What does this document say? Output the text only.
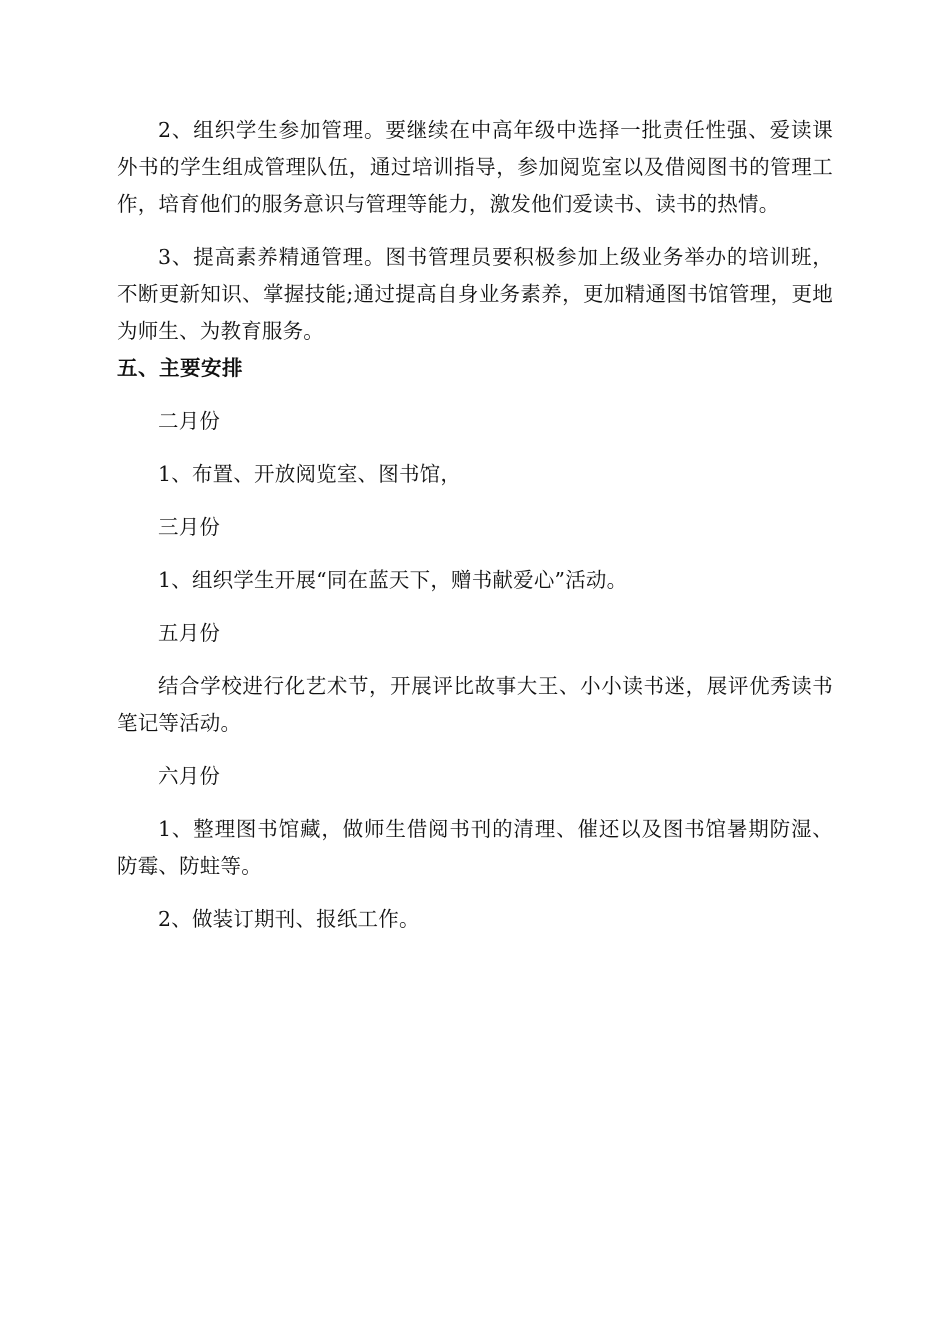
2、组织学生参加管理。要继续在中高年级中选择一批责任性强、爱读课外书的学生组成管理队伍，通过培训指导，参加阅览室以及借阅图书的管理工作，培育他们的服务意识与管理等能力，激发他们爱读书、读书的热情。

3、提高素养精通管理。图书管理员要积极参加上级业务举办的培训班，不断更新知识、掌握技能;通过提高自身业务素养，更加精通图书馆管理，更地为师生、为教育服务。

五、主要安排

二月份

1、布置、开放阅览室、图书馆，

三月份

1、组织学生开展“同在蓝天下，赠书献爱心”活动。

五月份

结合学校进行化艺术节，开展评比故事大王、小小读书迷，展评优秀读书笔记等活动。

六月份

1、整理图书馆藏，做师生借阅书刊的清理、催还以及图书馆暑期防湿、防霉、防蛀等。

2、做装订期刊、报纸工作。
